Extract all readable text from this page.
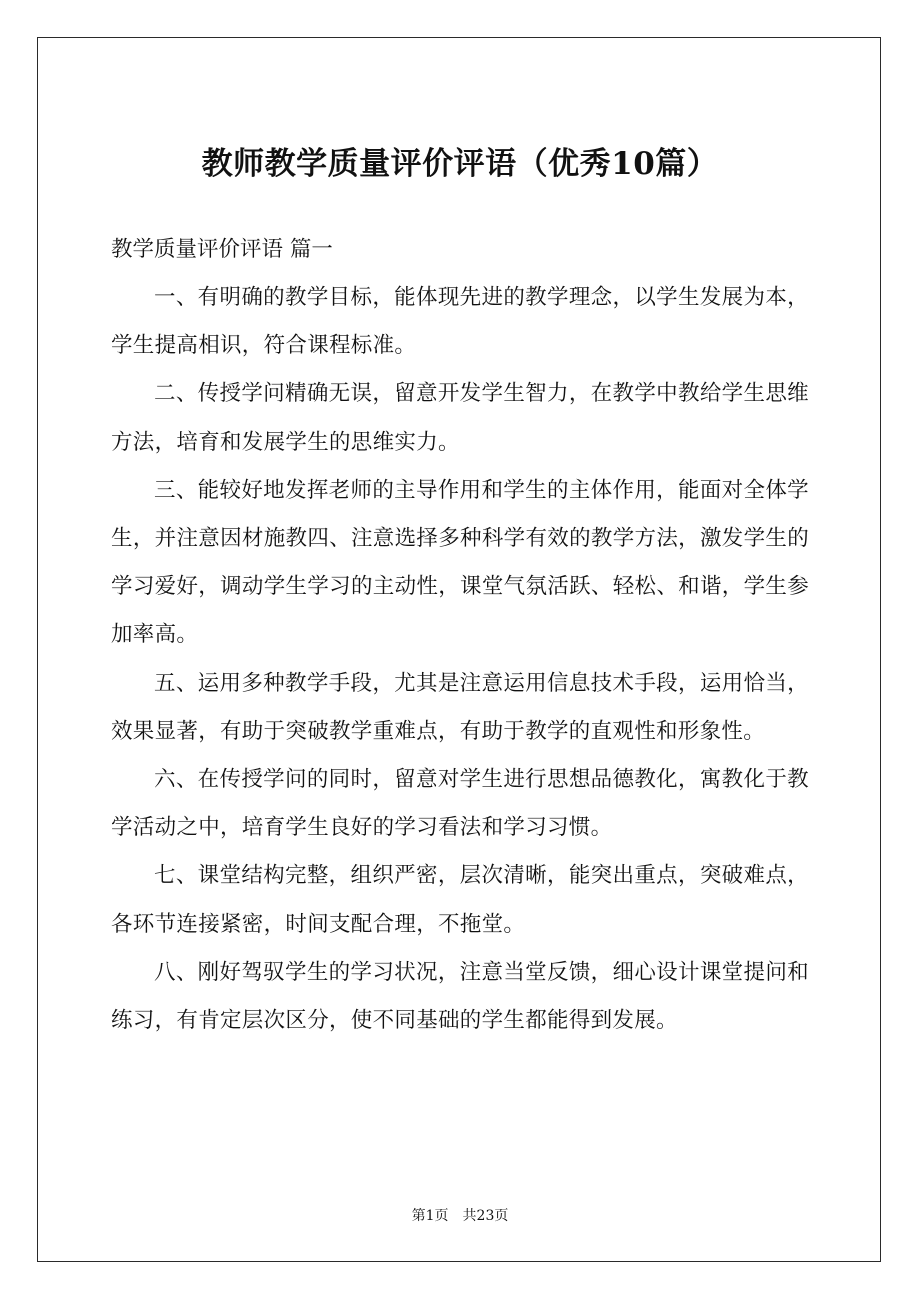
教师教学质量评价评语（优秀10篇）

教学质量评价评语 篇一

一、有明确的教学目标，能体现先进的教学理念，以学生发展为本，学生提高相识，符合课程标准。

二、传授学问精确无误，留意开发学生智力，在教学中教给学生思维方法，培育和发展学生的思维实力。

三、能较好地发挥老师的主导作用和学生的主体作用，能面对全体学生，并注意因材施教四、注意选择多种科学有效的教学方法，激发学生的学习爱好，调动学生学习的主动性，课堂气氛活跃、轻松、和谐，学生参加率高。

五、运用多种教学手段，尤其是注意运用信息技术手段，运用恰当，效果显著，有助于突破教学重难点，有助于教学的直观性和形象性。

六、在传授学问的同时，留意对学生进行思想品德教化，寓教化于教学活动之中，培育学生良好的学习看法和学习习惯。

七、课堂结构完整，组织严密，层次清晰，能突出重点，突破难点，各环节连接紧密，时间支配合理，不拖堂。

八、刚好驾驭学生的学习状况，注意当堂反馈，细心设计课堂提问和练习，有肯定层次区分，使不同基础的学生都能得到发展。

第1页 共23页
